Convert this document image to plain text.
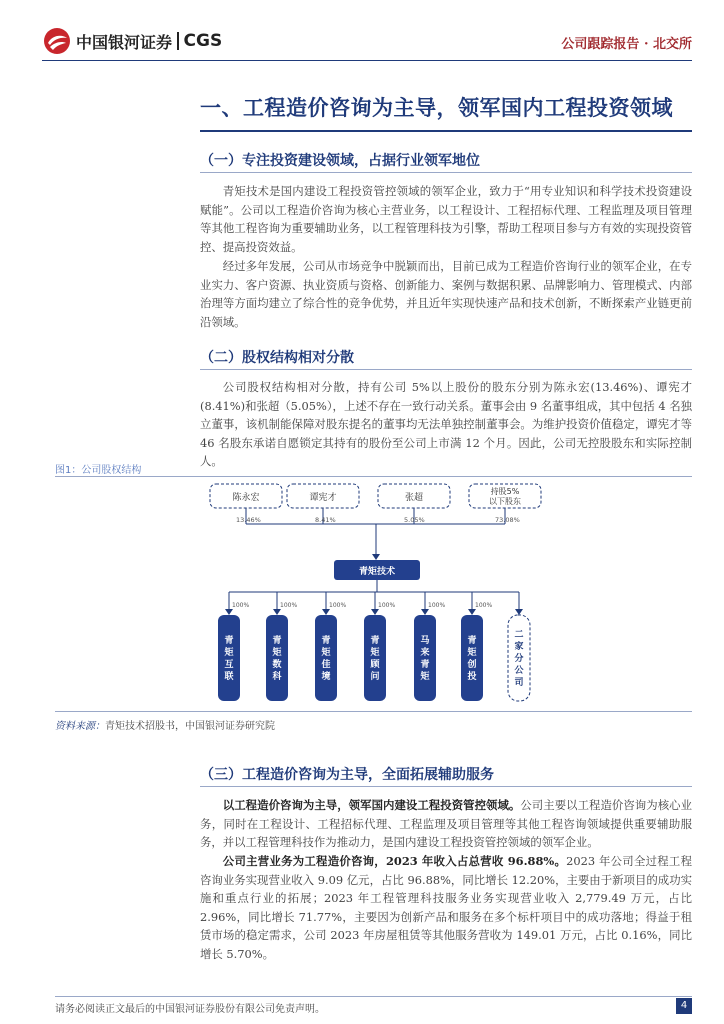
中国银河证券 CGS	公司跟踪报告 · 北交所
一、工程造价咨询为主导，领军国内工程投资领域
（一）专注投资建设领域，占据行业领军地位

青矩技术是国内建设工程投资管控领域的领军企业，致力于“用专业知识和科学技术投资建设赋能”。公司以工程造价咨询为核心主营业务，以工程设计、工程招标代理、工程监理及项目管理等其他工程咨询为重要辅助业务，以工程管理科技为引擎，帮助工程项目参与方有效的实现投资管控、提高投资效益。

经过多年发展，公司从市场竞争中脱颖而出，目前已成为工程造价咨询行业的领军企业，在专业实力、客户资源、执业资质与资格、创新能力、案例与数据积累、品牌影响力、管理模式、内部治理等方面均建立了综合性的竞争优势，并且近年实现快速产品和技术创新，不断探索产业链更前沿领域。

（二）股权结构相对分散

公司股权结构相对分散，持有公司 5%以上股份的股东分别为陈永宏(13.46%)、谭宪才(8.41%)和张超（5.05%），上述不存在一致行动关系。董事会由 9 名董事组成，其中包括 4 名独立董事，该机制能保障对股东提名的董事均无法单独控制董事会。为维护投资价值稳定，谭宪才等 46 名股东承诺自愿锁定其持有的股份至公司上市满 12 个月。因此，公司无控股股东和实际控制人。

图1：公司股权结构
陈永宏	谭宪才	张超
持股5%
以下股东
13.46%	8.41%	5.05%	73.08%
青矩技术
100%	100%	100%	100%	100%	100%
青矩互联
青矩数科
青矩佳境
青矩顾问
马来青矩
青矩创投
二家分公司
资料来源：青矩技术招股书，中国银河证券研究院
（三）工程造价咨询为主导，全面拓展辅助服务

以工程造价咨询为主导，领军国内建设工程投资管控领域。公司主要以工程造价咨询为核心业务，同时在工程设计、工程招标代理、工程监理及项目管理等其他工程咨询领域提供重要辅助服务，并以工程管理科技作为推动力，是国内建设工程投资管控领域的领军企业。

公司主营业务为工程造价咨询，2023 年收入占总营收 96.88%。2023 年公司全过程工程咨询业务实现营业收入 9.09 亿元，占比 96.88%，同比增长 12.20%，主要由于新项目的成功实施和重点行业的拓展；2023 年工程管理科技服务业务实现营业收入 2,779.49 万元，占比 2.96%，同比增长 71.77%，主要因为创新产品和服务在多个标杆项目中的成功落地；得益于租赁市场的稳定需求，公司 2023 年房屋租赁等其他服务营收为 149.01 万元，占比 0.16%，同比增长 5.70%。

请务必阅读正文最后的中国银河证券股份有限公司免责声明。	4
